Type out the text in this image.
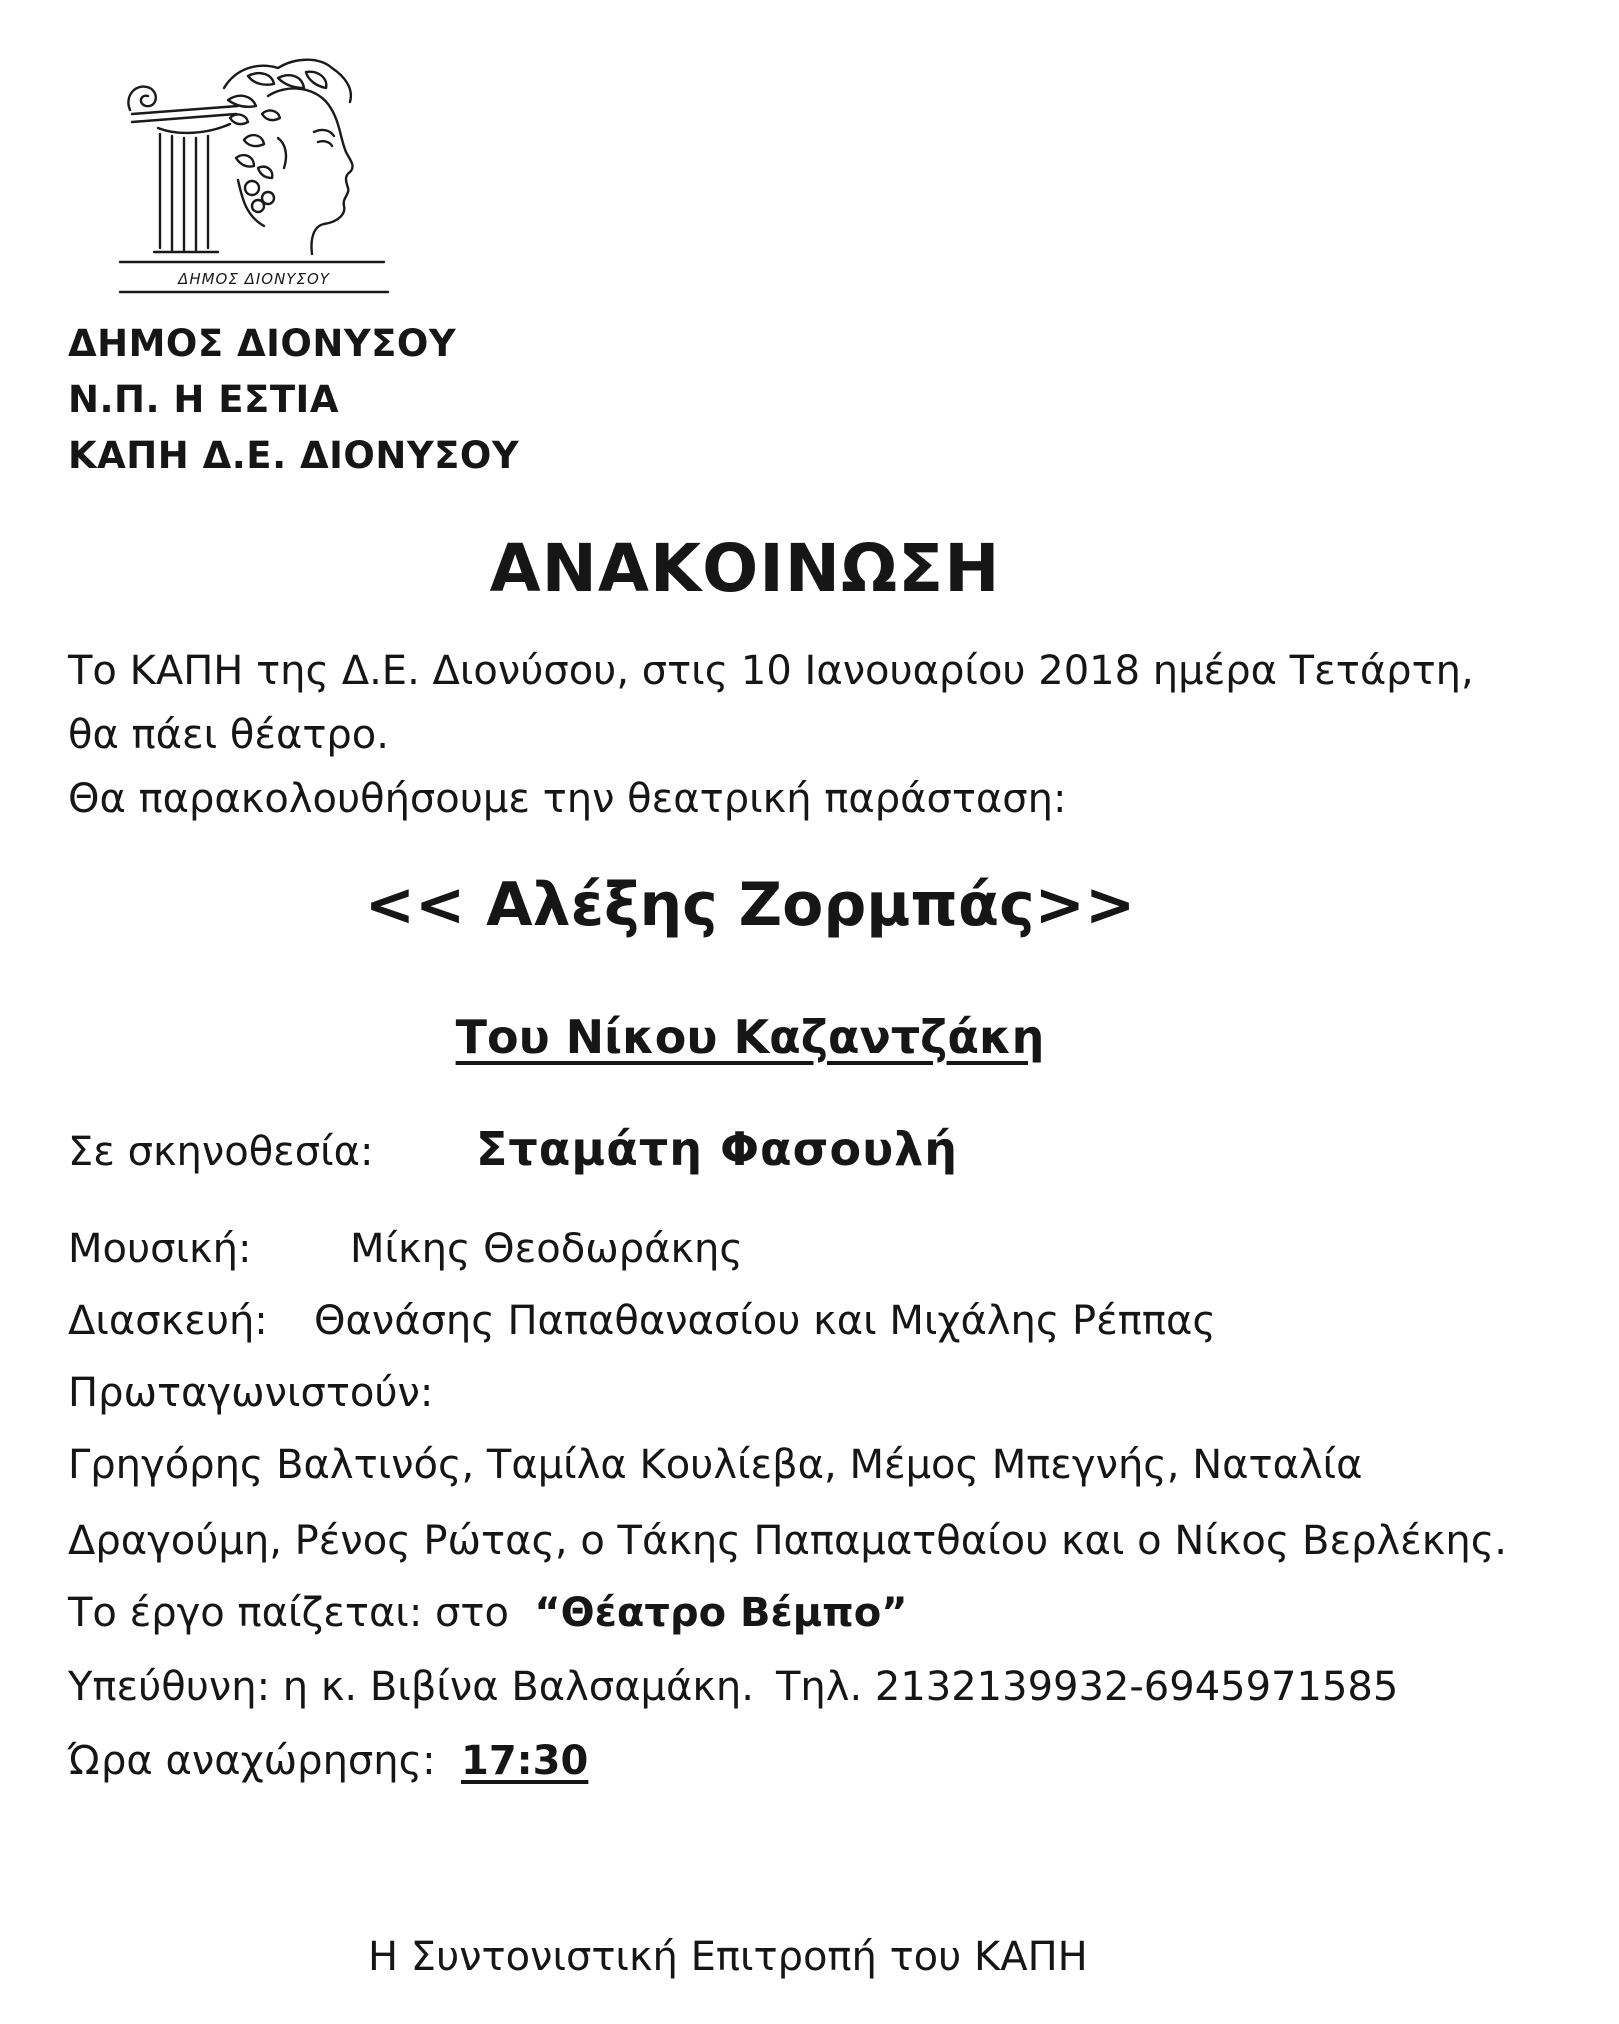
ΔΗΜΟΣ ΔΙΟΝΥΣΟΥ
ΔΗΜΟΣ ΔΙΟΝΥΣΟΥ
Ν.Π. Η ΕΣΤΙΑ
ΚΑΠΗ Δ.Ε. ΔΙΟΝΥΣΟΥ
ΑΝΑΚΟΙΝΩΣΗ
Το ΚΑΠΗ της Δ.Ε. Διονύσου, στις 10 Ιανουαρίου 2018 ημέρα Τετάρτη,
θα πάει θέατρο.
Θα παρακολουθήσουμε την θεατρική παράσταση:
<< Αλέξης Ζορμπάς>>
Του Νίκου Καζαντζάκη
Σε σκηνοθεσία: Σταμάτη Φασουλή
Μουσική: Μίκης Θεοδωράκης
Διασκευή: Θανάσης Παπαθανασίου και Μιχάλης Ρέππας
Πρωταγωνιστούν:
Γρηγόρης Βαλτινός, Ταμίλα Κουλίεβα, Μέμος Μπεγνής, Ναταλία
Δραγούμη, Ρένος Ρώτας, ο Τάκης Παπαματθαίου και ο Νίκος Βερλέκης.
Το έργο παίζεται: στο “Θέατρο Βέμπο”
Υπεύθυνη: η κ. Βιβίνα Βαλσαμάκη. Τηλ. 2132139932-6945971585
Ώρα αναχώρησης: 17:30
Η Συντονιστική Επιτροπή του ΚΑΠΗ
